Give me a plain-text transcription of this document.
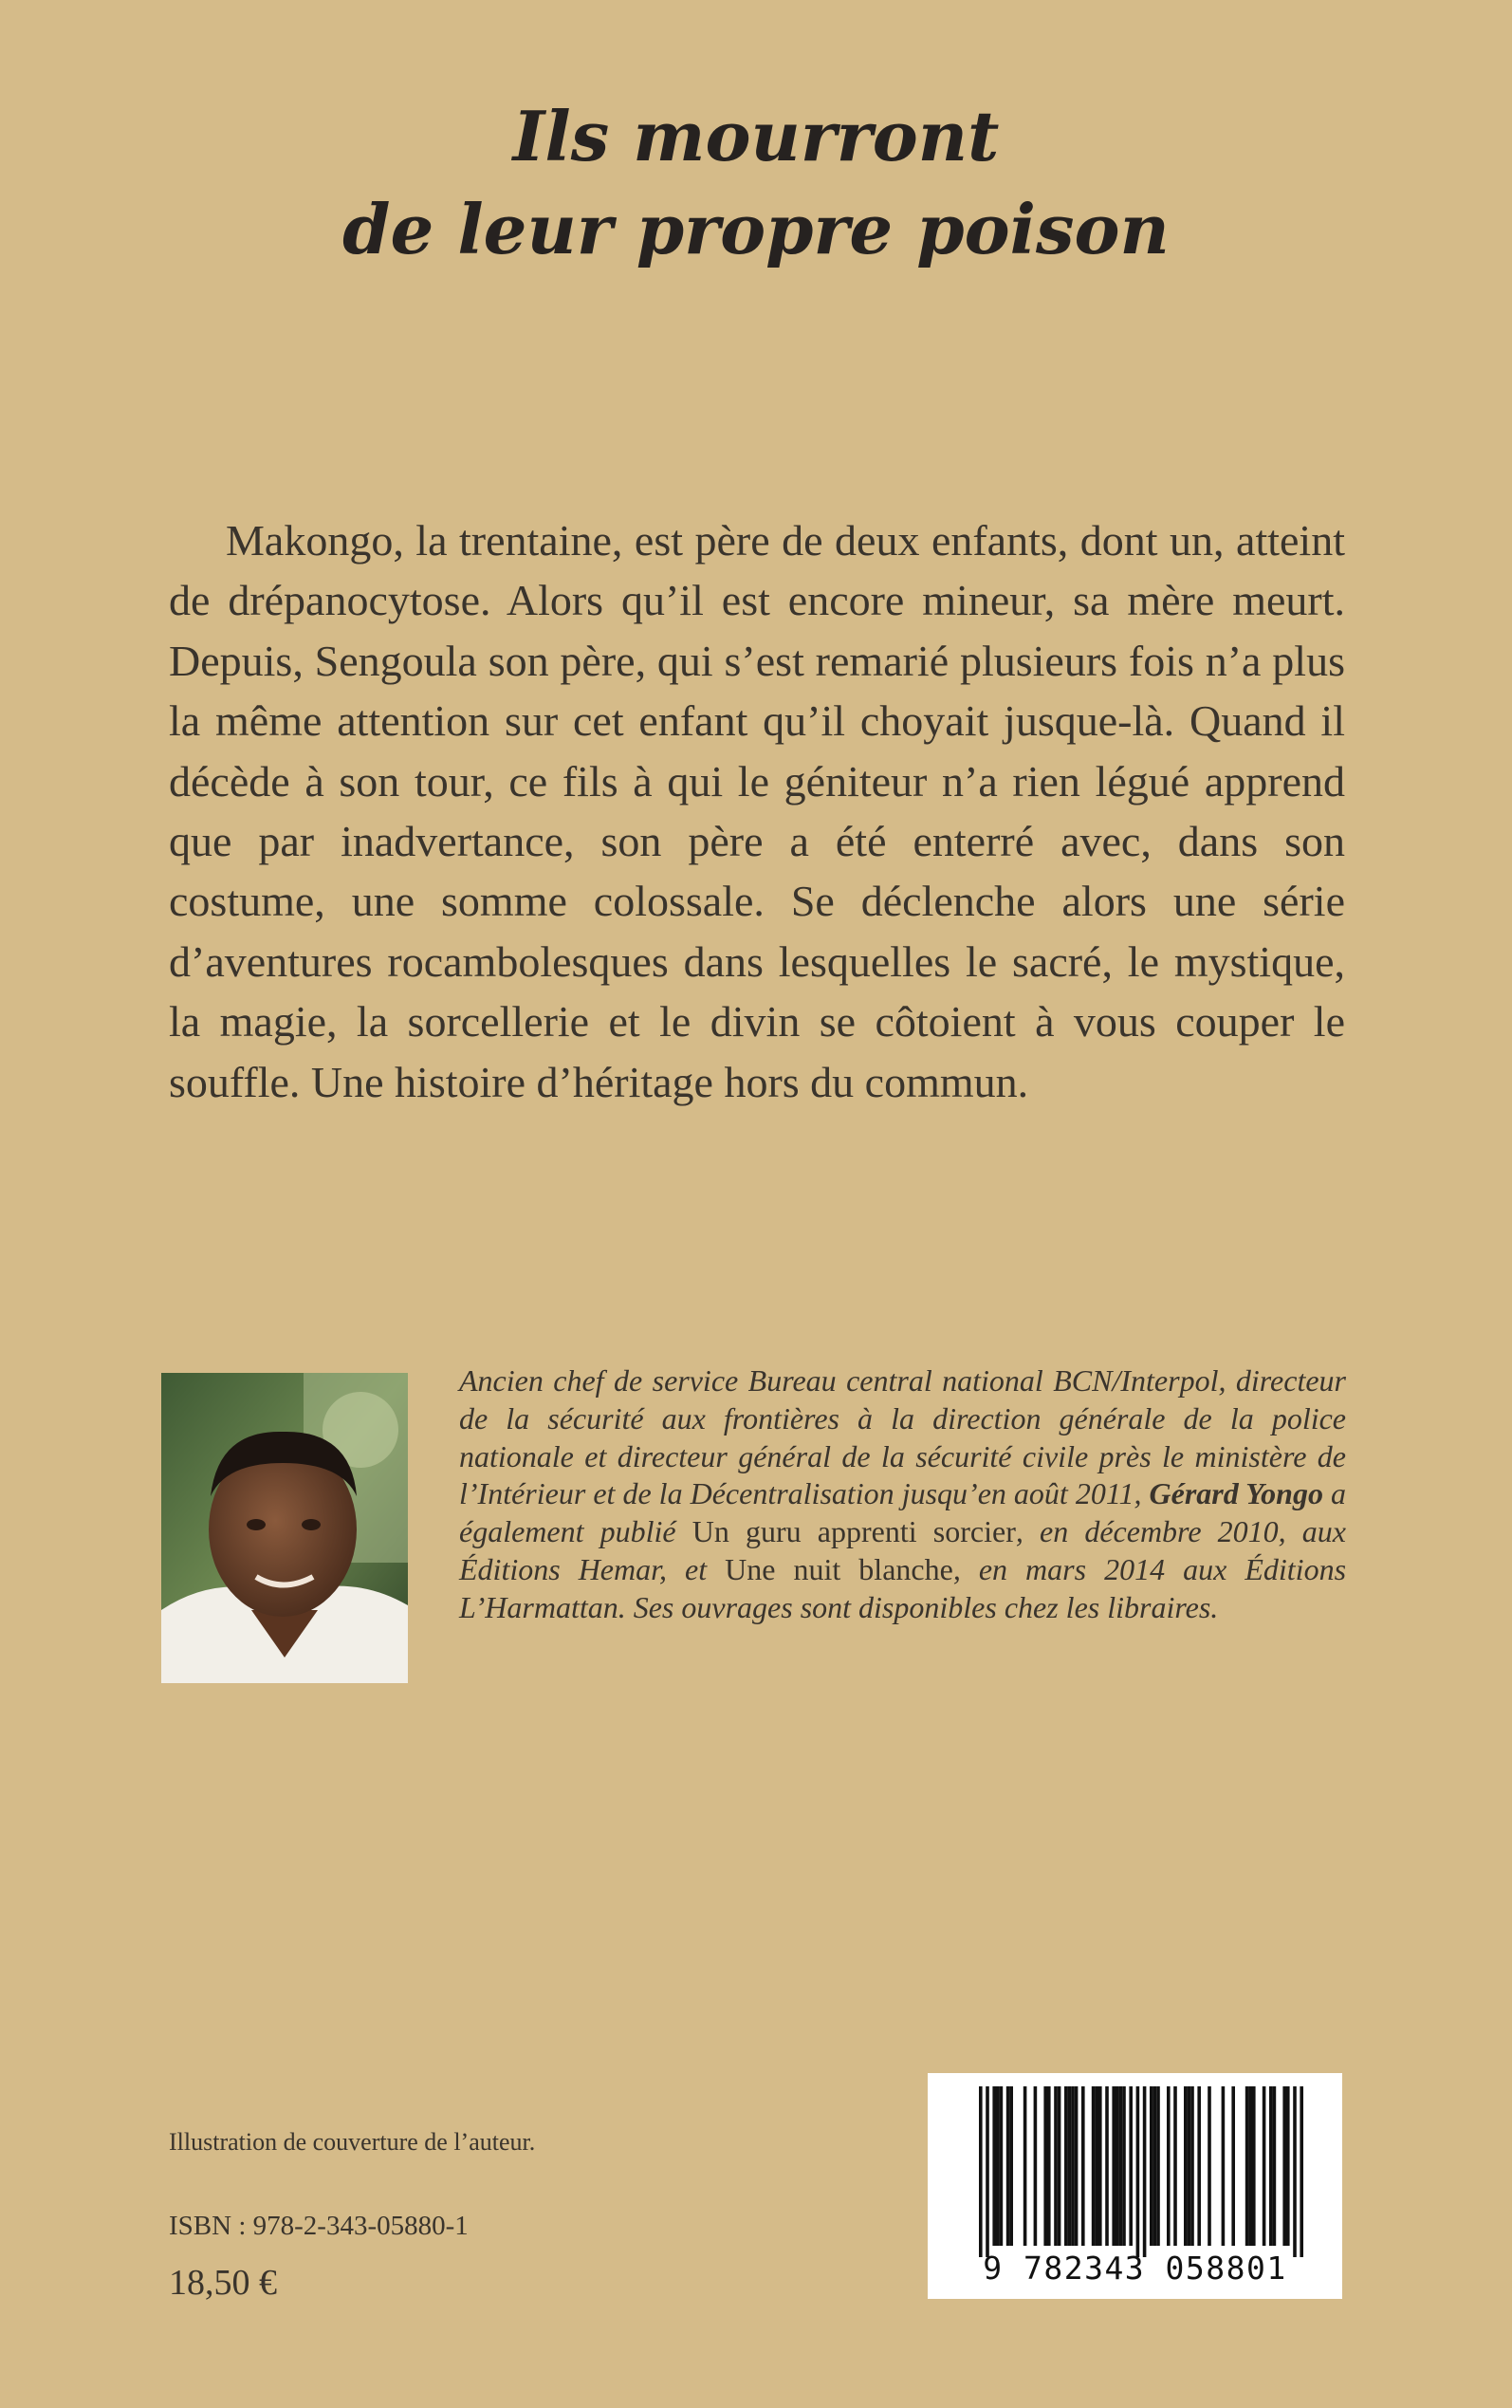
Ils mourront
de leur propre poison

Makongo, la trentaine, est père de deux enfants, dont un, atteint de drépanocytose. Alors qu’il est encore mineur, sa mère meurt. Depuis, Sengoula son père, qui s’est remarié plusieurs fois n’a plus la même attention sur cet enfant qu’il choyait jusque-là. Quand il décède à son tour, ce fils à qui le géniteur n’a rien légué apprend que par inadvertance, son père a été enterré avec, dans son costume, une somme colossale. Se déclenche alors une série d’aventures rocambolesques dans lesquelles le sacré, le mystique, la magie, la sorcellerie et le divin se côtoient à vous couper le souffle. Une histoire d’héritage hors du commun.

Ancien chef de service Bureau central national BCN/Interpol, directeur de la sécurité aux frontières à la direction générale de la police nationale et directeur général de la sécurité civile près le ministère de l’Intérieur et de la Décentralisation jusqu’en août 2011, Gérard Yongo a également publié Un guru apprenti sorcier, en décembre 2010, aux Éditions Hemar, et Une nuit blanche, en mars 2014 aux Éditions L’Harmattan. Ses ouvrages sont disponibles chez les libraires.

Illustration de couverture de l’auteur.
ISBN : 978-2-343-05880-1
18,50 €	9 782343 058801
